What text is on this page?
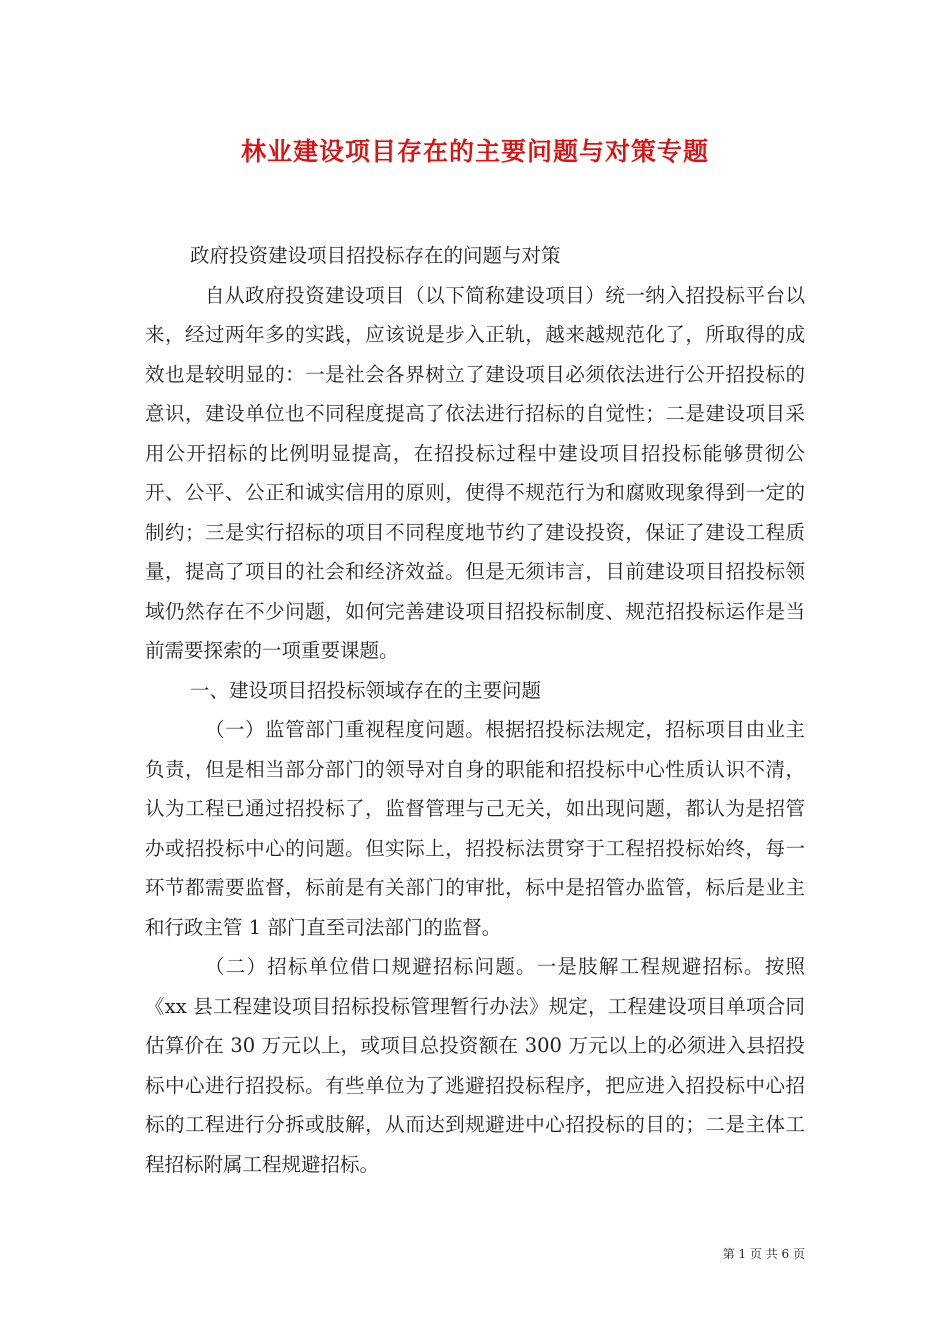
林业建设项目存在的主要问题与对策专题

政府投资建设项目招投标存在的问题与对策

自从政府投资建设项目（以下简称建设项目）统一纳入招投标平台以来，经过两年多的实践，应该说是步入正轨，越来越规范化了，所取得的成效也是较明显的：一是社会各界树立了建设项目必须依法进行公开招投标的意识，建设单位也不同程度提高了依法进行招标的自觉性；二是建设项目采用公开招标的比例明显提高，在招投标过程中建设项目招投标能够贯彻公开、公平、公正和诚实信用的原则，使得不规范行为和腐败现象得到一定的制约；三是实行招标的项目不同程度地节约了建设投资，保证了建设工程质量，提高了项目的社会和经济效益。但是无须讳言，目前建设项目招投标领域仍然存在不少问题，如何完善建设项目招投标制度、规范招投标运作是当前需要探索的一项重要课题。

一、建设项目招投标领域存在的主要问题

（一）监管部门重视程度问题。根据招投标法规定，招标项目由业主负责，但是相当部分部门的领导对自身的职能和招投标中心性质认识不清，认为工程已通过招投标了，监督管理与己无关，如出现问题，都认为是招管办或招投标中心的问题。但实际上，招投标法贯穿于工程招投标始终，每一环节都需要监督，标前是有关部门的审批，标中是招管办监管，标后是业主和行政主管 1 部门直至司法部门的监督。

（二）招标单位借口规避招标问题。一是肢解工程规避招标。按照《xx 县工程建设项目招标投标管理暂行办法》规定，工程建设项目单项合同估算价在 30 万元以上，或项目总投资额在 300 万元以上的必须进入县招投标中心进行招投标。有些单位为了逃避招投标程序，把应进入招投标中心招标的工程进行分拆或肢解，从而达到规避进中心招投标的目的；二是主体工程招标附属工程规避招标。

第 1 页 共 6 页
